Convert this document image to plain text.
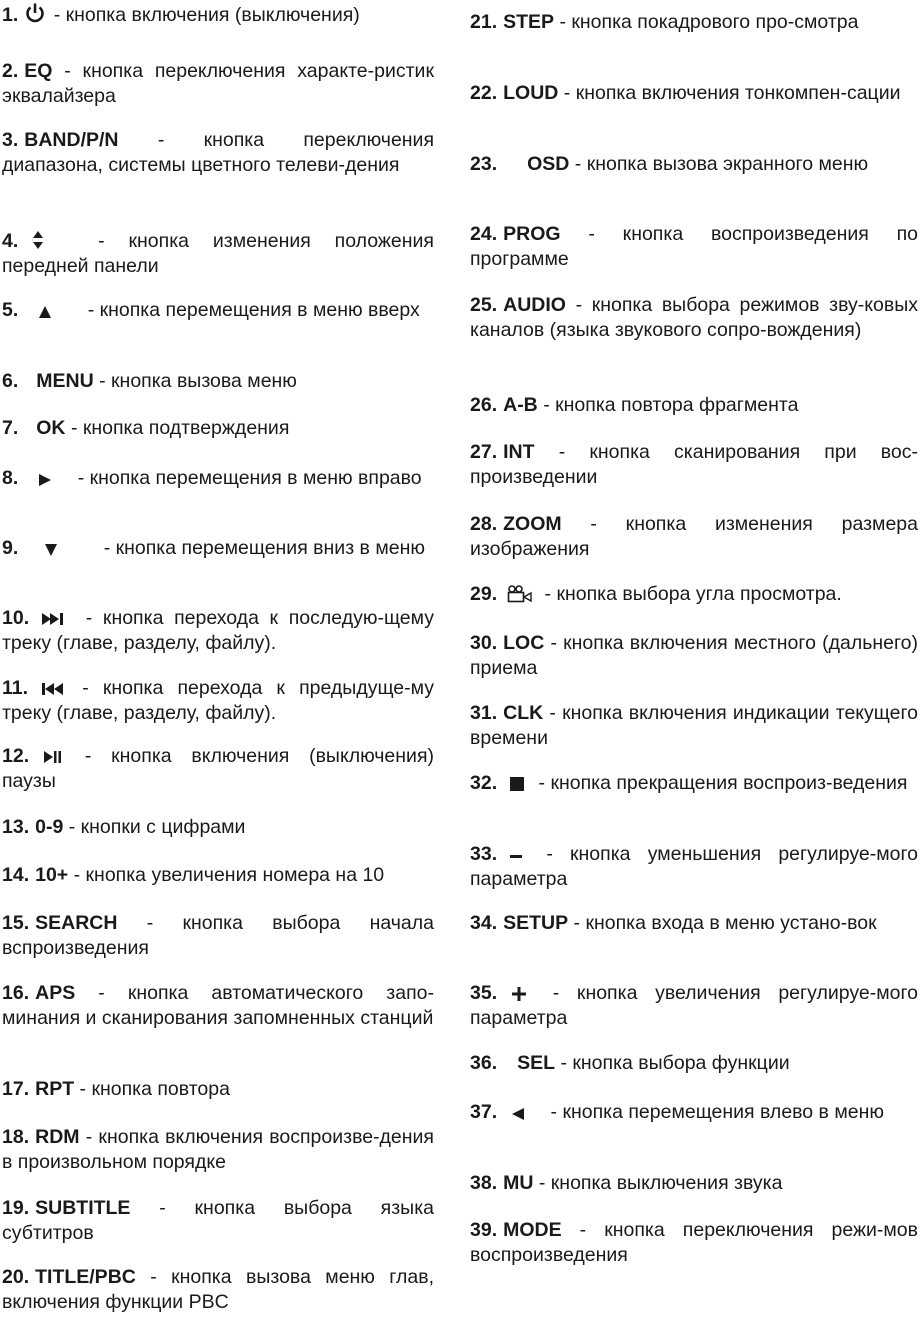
1. - кнопка включения (выключения)
2. EQ - кнопка переключения характе-ристик эквалайзера
3. BAND/P/N - кнопка переключения диапазона, системы цветного телеви-дения
4.	- кнопка изменения положения передней панели
5.	- кнопка перемещения в меню вверх
6. MENU - кнопка вызова меню
7. OK - кнопка подтверждения
8.	- кнопка перемещения в меню вправо
9.	- кнопка перемещения вниз в меню
10.	- кнопка перехода к последую-щему треку (главе, разделу, файлу).
11.	- кнопка перехода к предыдуще-му треку (главе, разделу, файлу).
12.	- кнопка включения (выключения) паузы
13. 0-9 - кнопки с цифрами
14. 10+ - кнопка увеличения номера на 10
15. SEARCH - кнопка выбора начала вспроизведения
16. APS - кнопка автоматического запо-минания и сканирования запомненных станций
17. RPT - кнопка повтора
18. RDM - кнопка включения воспроизве-дения в произвольном порядке
19. SUBTITLE - кнопка выбора языка субтитров
20. TITLE/PBC - кнопка вызова меню глав, включения функции PBC
21. STEP - кнопка покадрового про-смотра
22. LOUD - кнопка включения тонкомпен-сации
23. OSD - кнопка вызова экранного меню
24. PROG - кнопка воспроизведения по программе
25. AUDIO - кнопка выбора режимов зву-ковых каналов (языка звукового сопро-вождения)
26. A-B - кнопка повтора фрагмента
27. INT - кнопка сканирования при вос-произведении
28. ZOOM - кнопка изменения размера изображения
29. - кнопка выбора угла просмотра.
30. LOC - кнопка включения местного (дальнего) приема
31. CLK - кнопка включения индикации текущего времени
32. - кнопка прекращения воспроиз-ведения
33.	- кнопка уменьшения регулируе-мого параметра
34. SETUP - кнопка входа в меню устано-вок
35.	- кнопка увеличения регулируе-мого параметра
36. SEL - кнопка выбора функции
37.	- кнопка перемещения влево в меню
38. MU - кнопка выключения звука
39. MODE - кнопка переключения режи-мов воспроизведения
